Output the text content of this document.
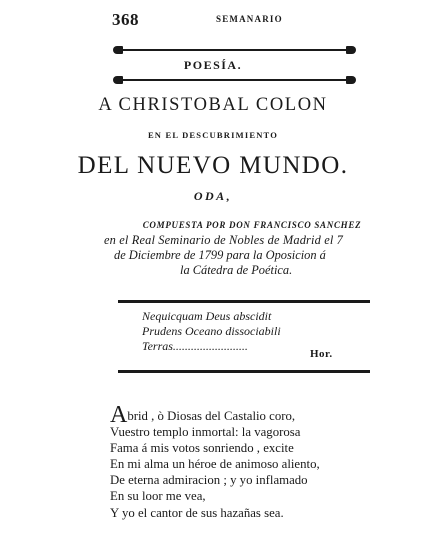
368	SEMANARIO
POESÍA.
A CHRISTOBAL COLON
EN EL DESCUBRIMIENTO
DEL NUEVO MUNDO.
ODA,
COMPUESTA POR DON FRANCISCO SANCHEZ
en el Real Seminario de Nobles de Madrid el 7
de Diciembre de 1799 para la Oposicion á
la Cátedra de Poética.
Nequicquam Deus abscidit
Prudens Oceano dissociabili
Terras.........................
Hor.
Abrid , ò Diosas del Castalio coro,
Vuestro templo inmortal: la vagorosa
Fama á mis votos sonriendo , excite
En mi alma un héroe de animoso aliento,
De eterna admiracion ; y yo inflamado
En su loor me vea,
Y yo el cantor de sus hazañas sea.
